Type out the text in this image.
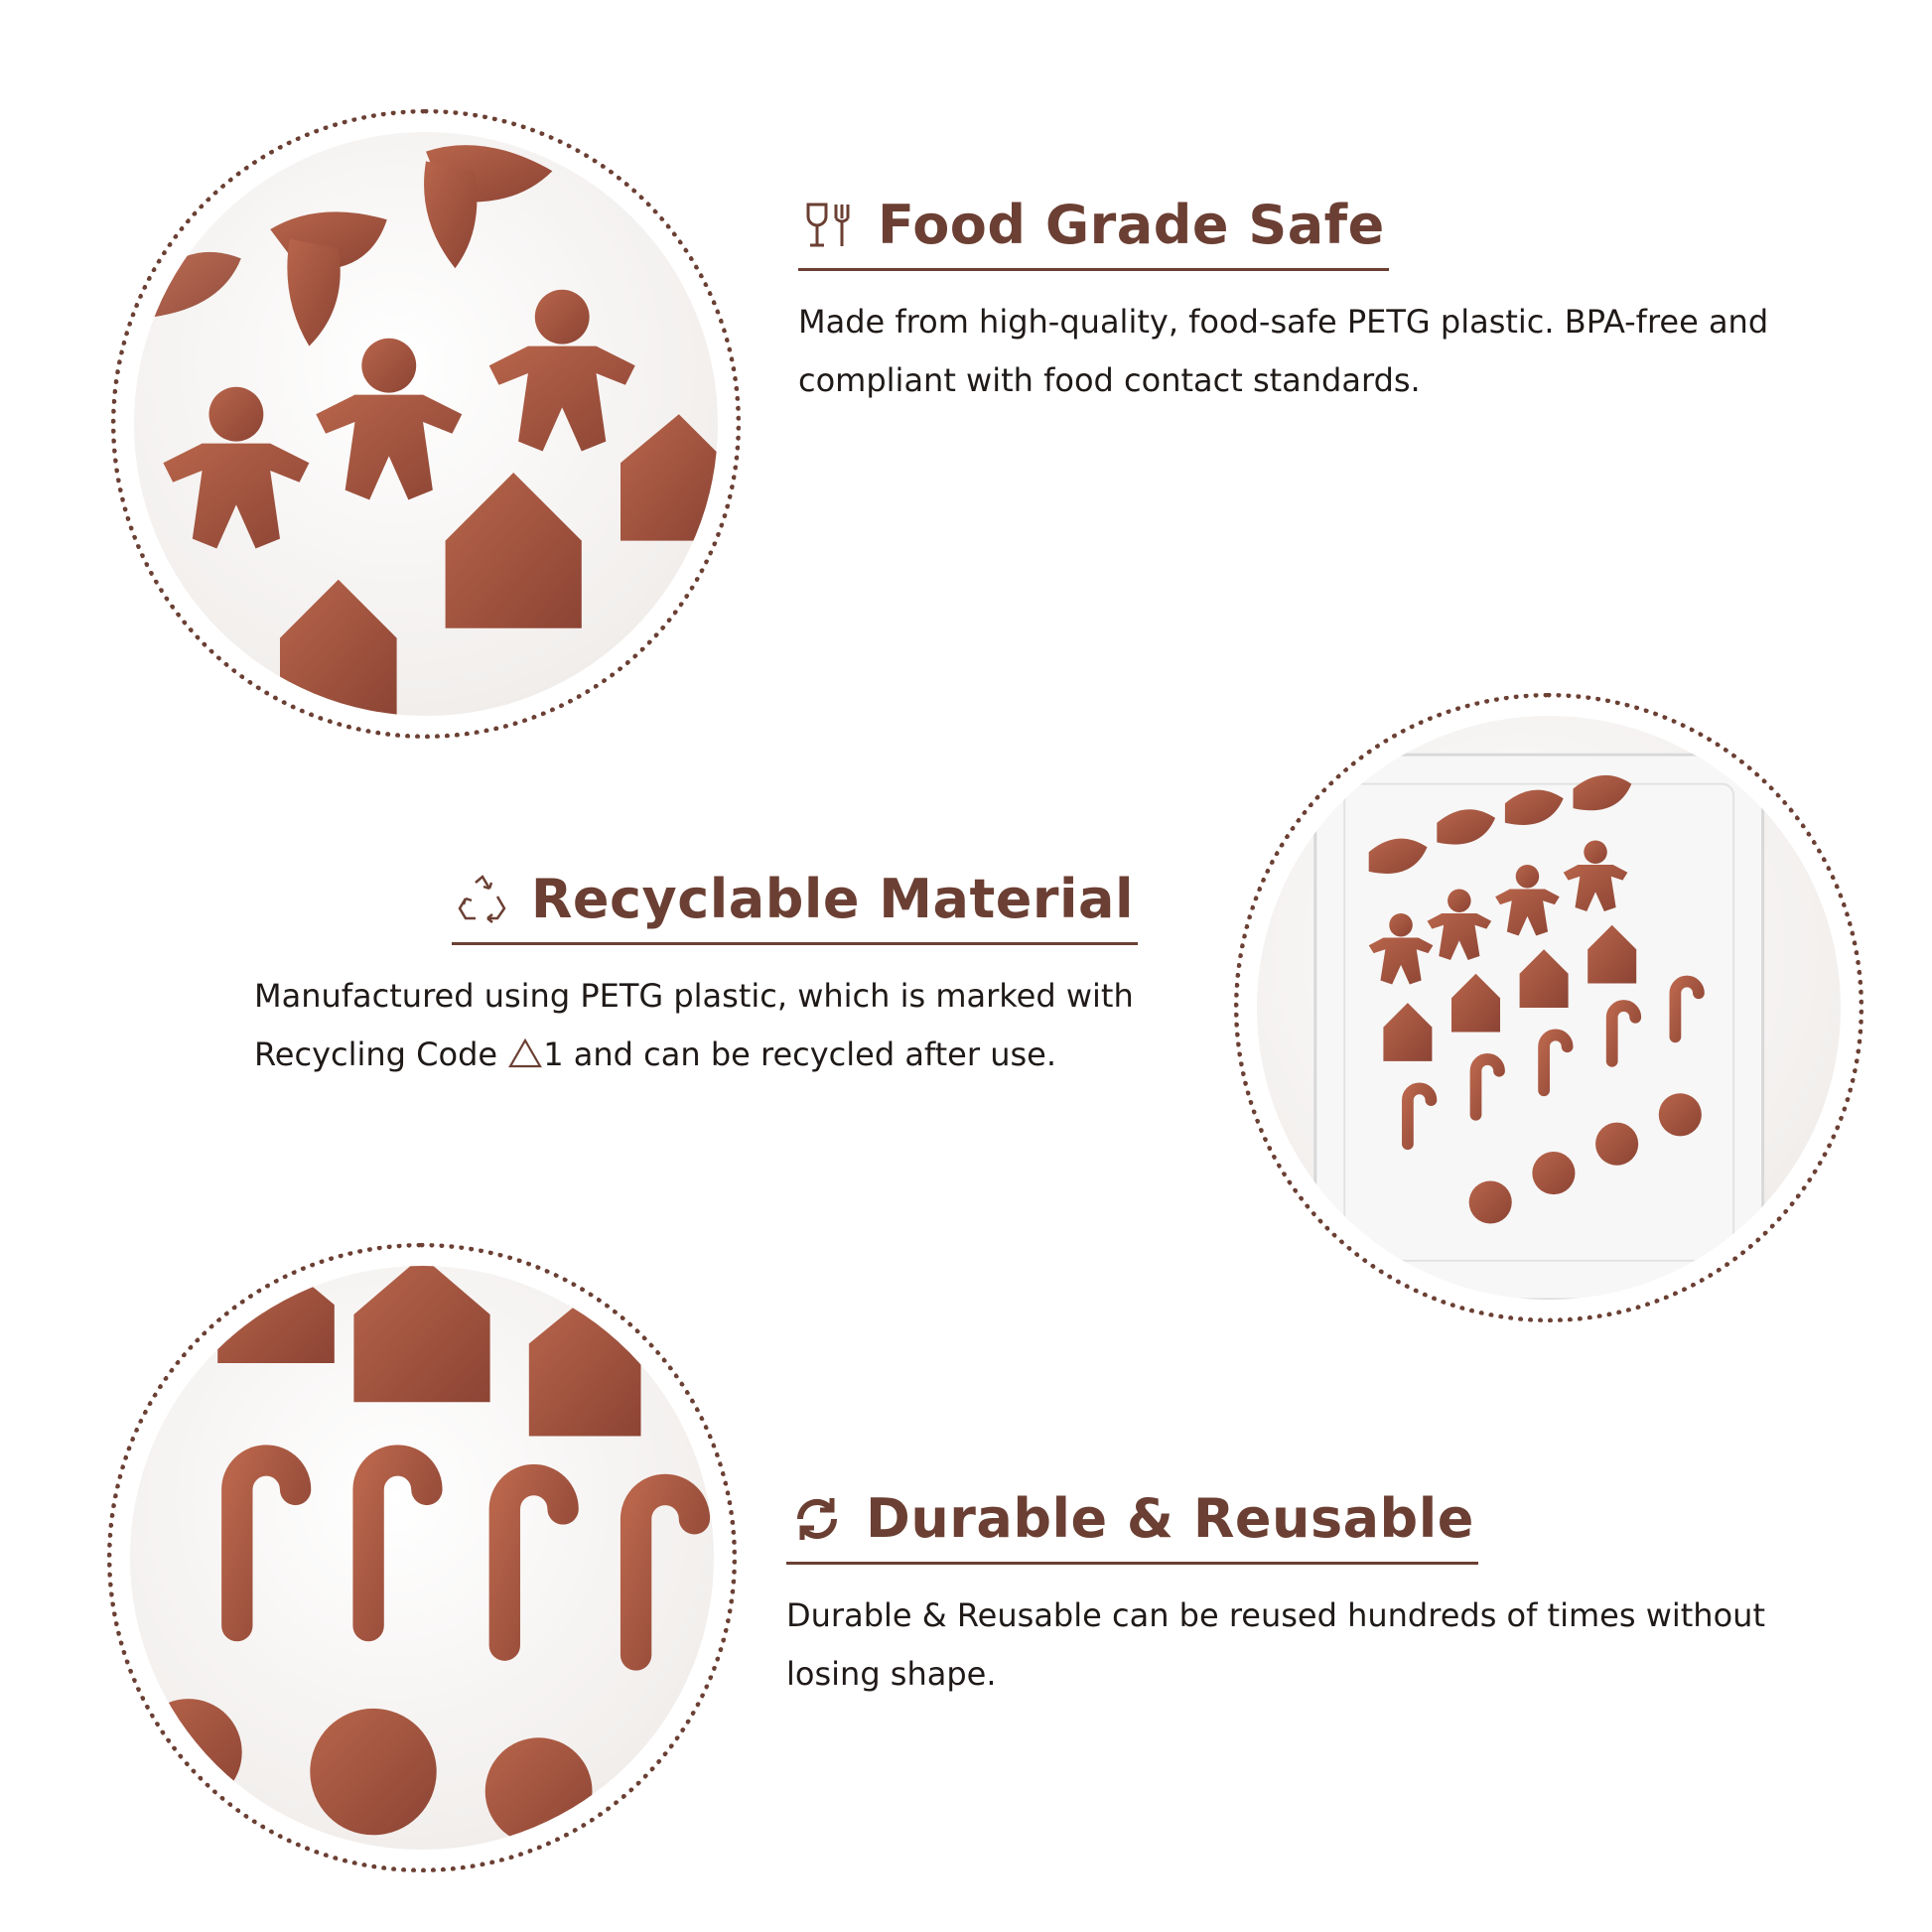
Food Grade Safe
Made from high-quality, food-safe PETG plastic. BPA-free and compliant with food contact standards.
Recyclable Material
Manufactured using PETG plastic, which is marked with Recycling Code 1 and can be recycled after use.
Durable & Reusable
Durable & Reusable can be reused hundreds of times without losing shape.
